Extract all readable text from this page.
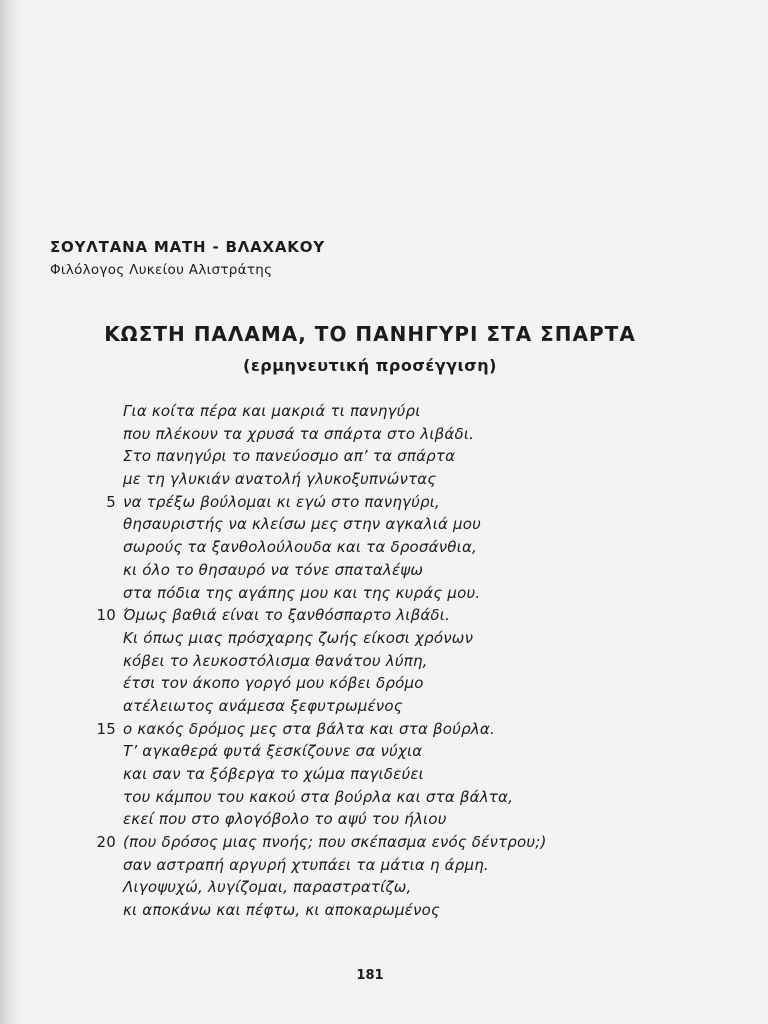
ΣΟΥΛΤΑΝΑ ΜΑΤΗ - ΒΛΑΧΑΚΟΥ
Φιλόλογος Λυκείου Αλιστράτης
ΚΩΣΤΗ ΠΑΛΑΜΑ, ΤΟ ΠΑΝΗΓΥΡΙ ΣΤΑ ΣΠΑΡΤΑ
(ερμηνευτική προσέγγιση)
Για κοίτα πέρα και μακριά τι πανηγύρι
που πλέκουν τα χρυσά τα σπάρτα στο λιβάδι.
Στο πανηγύρι το πανεύοσμο απ’ τα σπάρτα
με τη γλυκιάν ανατολή γλυκοξυπνώντας
5 να τρέξω βούλομαι κι εγώ στο πανηγύρι,
θησαυριστής να κλείσω μες στην αγκαλιά μου
σωρούς τα ξανθολούλουδα και τα δροσάνθια,
κι όλο το θησαυρό να τόνε σπαταλέψω
στα πόδια της αγάπης μου και της κυράς μου.
10 Όμως βαθιά είναι το ξανθόσπαρτο λιβάδι.
Κι όπως μιας πρόσχαρης ζωής είκοσι χρόνων
κόβει το λευκοστόλισμα θανάτου λύπη,
έτσι τον άκοπο γοργό μου κόβει δρόμο
ατέλειωτος ανάμεσα ξεφυτρωμένος
15 ο κακός δρόμος μες στα βάλτα και στα βούρλα.
Τ’ αγκαθερά φυτά ξεσκίζουνε σα νύχια
και σαν τα ξόβεργα το χώμα παγιδεύει
του κάμπου του κακού στα βούρλα και στα βάλτα,
εκεί που στο φλογόβολο το αψύ του ήλιου
20 (που δρόσος μιας πνοής; που σκέπασμα ενός δέντρου;)
σαν αστραπή αργυρή χτυπάει τα μάτια η άρμη.
Λιγοψυχώ, λυγίζομαι, παραστρατίζω,
κι αποκάνω και πέφτω, κι αποκαρωμένος
181
